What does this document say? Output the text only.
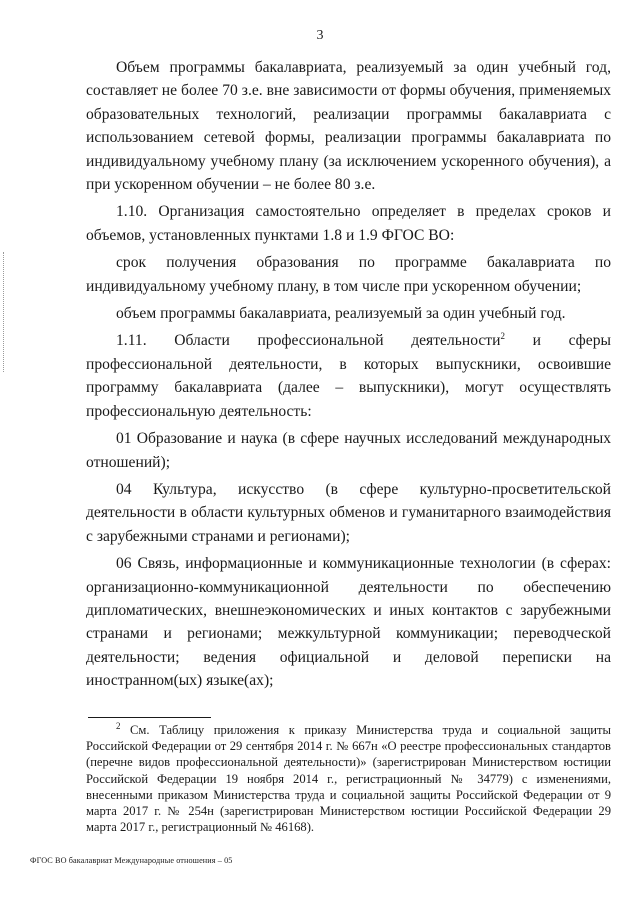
3

Объем программы бакалавриата, реализуемый за один учебный год, составляет не более 70 з.е. вне зависимости от формы обучения, применяемых образовательных технологий, реализации программы бакалавриата с использованием сетевой формы, реализации программы бакалавриата по индивидуальному учебному плану (за исключением ускоренного обучения), а при ускоренном обучении – не более 80 з.е.

1.10. Организация самостоятельно определяет в пределах сроков и объемов, установленных пунктами 1.8 и 1.9 ФГОС ВО:

срок получения образования по программе бакалавриата по индивидуальному учебному плану, в том числе при ускоренном обучении;

объем программы бакалавриата, реализуемый за один учебный год.

1.11. Области профессиональной деятельности$^2$ и сферы профессиональной деятельности, в которых выпускники, освоившие программу бакалавриата (далее – выпускники), могут осуществлять профессиональную деятельность:

01 Образование и наука (в сфере научных исследований международных отношений);

04 Культура, искусство (в сфере культурно-просветительской деятельности в области культурных обменов и гуманитарного взаимодействия с зарубежными странами и регионами);

06 Связь, информационные и коммуникационные технологии (в сферах: организационно-коммуникационной деятельности по обеспечению дипломатических, внешнеэкономических и иных контактов с зарубежными странами и регионами; межкультурной коммуникации; переводческой деятельности; ведения официальной и деловой переписки на иностранном(ых) языке(ах);

$^2$ См. Таблицу приложения к приказу Министерства труда и социальной защиты Российской Федерации от 29 сентября 2014 г. № 667н «О реестре профессиональных стандартов (перечне видов профессиональной деятельности)» (зарегистрирован Министерством юстиции Российской Федерации 19 ноября 2014 г., регистрационный № 34779) с изменениями, внесенными приказом Министерства труда и социальной защиты Российской Федерации от 9 марта 2017 г. № 254н (зарегистрирован Министерством юстиции Российской Федерации 29 марта 2017 г., регистрационный № 46168).
ФГОС ВО бакалавриат Международные отношения – 05
